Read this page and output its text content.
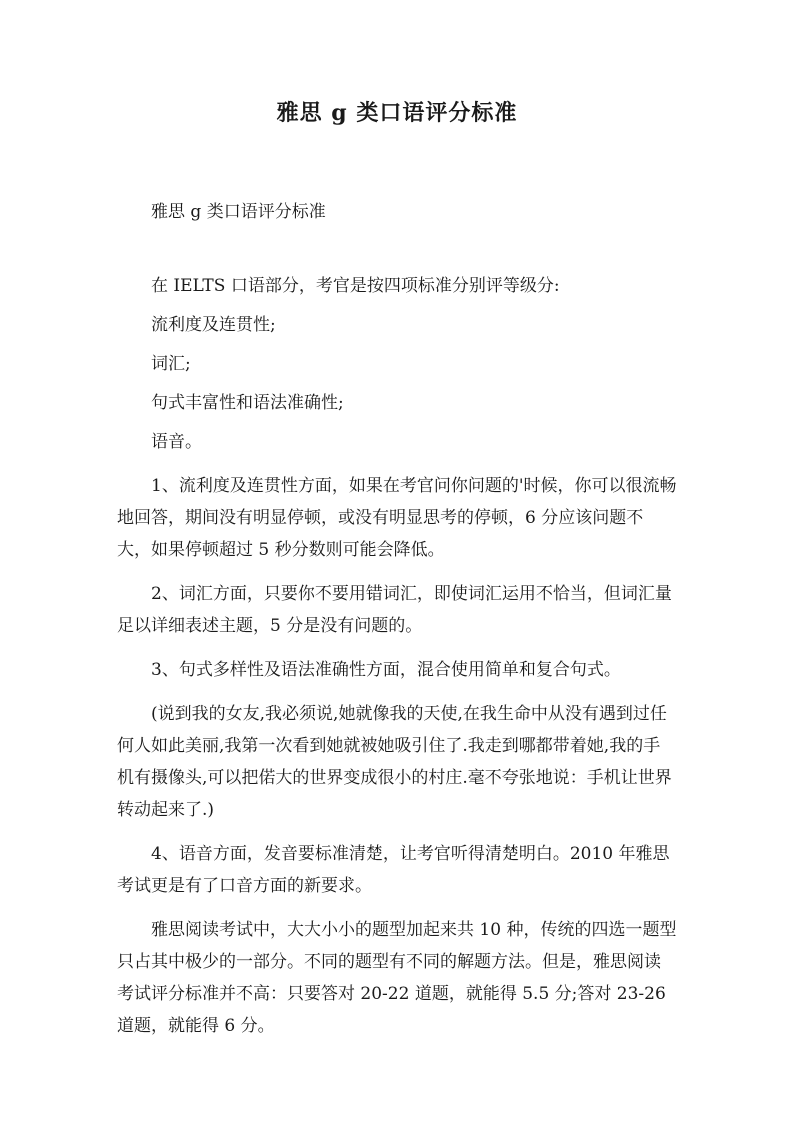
雅思 g 类口语评分标准

雅思 g 类口语评分标准

在 IELTS 口语部分，考官是按四项标准分别评等级分:

流利度及连贯性;

词汇;

句式丰富性和语法准确性;

语音。

1、流利度及连贯性方面，如果在考官问你问题的'时候，你可以很流畅地回答，期间没有明显停顿，或没有明显思考的停顿，6 分应该问题不大，如果停顿超过 5 秒分数则可能会降低。

2、词汇方面，只要你不要用错词汇，即使词汇运用不恰当，但词汇量足以详细表述主题，5 分是没有问题的。

3、句式多样性及语法准确性方面，混合使用简单和复合句式。

(说到我的女友,我必须说,她就像我的天使,在我生命中从没有遇到过任何人如此美丽,我第一次看到她就被她吸引住了.我走到哪都带着她,我的手机有摄像头,可以把偌大的世界变成很小的村庄.毫不夸张地说：手机让世界转动起来了.)

4、语音方面，发音要标准清楚，让考官听得清楚明白。2010 年雅思考试更是有了口音方面的新要求。

雅思阅读考试中，大大小小的题型加起来共 10 种，传统的四选一题型只占其中极少的一部分。不同的题型有不同的解题方法。但是，雅思阅读考试评分标准并不高：只要答对 20-22 道题，就能得 5.5 分;答对 23-26 道题，就能得 6 分。
